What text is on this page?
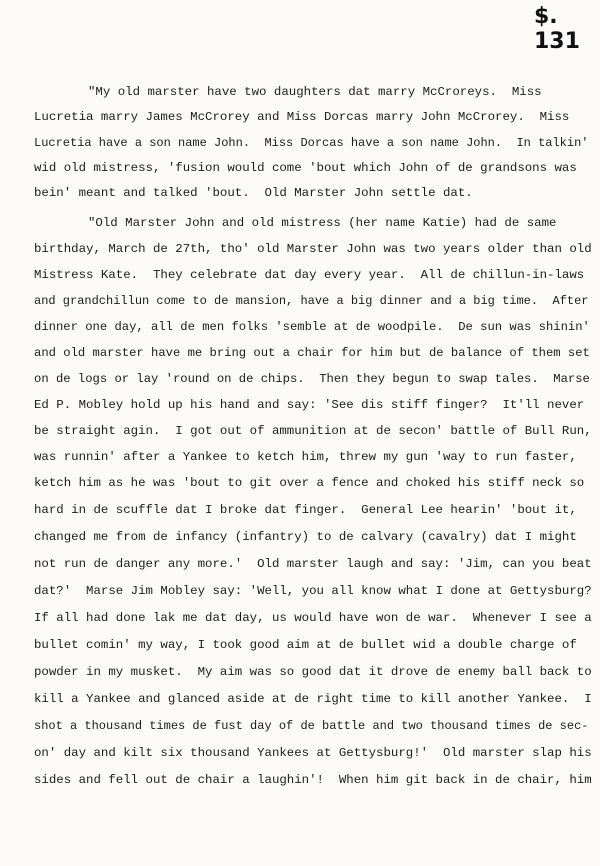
$. 131
"My old marster have two daughters dat marry McCroreys.  Miss
Lucretia marry James McCrorey and Miss Dorcas marry John McCrorey.  Miss
Lucretia have a son name John.  Miss Dorcas have a son name John.  In talkin'
wid old mistress, 'fusion would come 'bout which John of de grandsons was
bein' meant and talked 'bout.  Old Marster John settle dat.
"Old Marster John and old mistress (her name Katie) had de same
birthday, March de 27th, tho' old Marster John was two years older than old
Mistress Kate.  They celebrate dat day every year.  All de chillun-in-laws
and grandchillun come to de mansion, have a big dinner and a big time.  After
dinner one day, all de men folks 'semble at de woodpile.  De sun was shinin'
and old marster have me bring out a chair for him but de balance of them set
on de logs or lay 'round on de chips.  Then they begun to swap tales.  Marse
Ed P. Mobley hold up his hand and say: 'See dis stiff finger?  It'll never
be straight agin.  I got out of ammunition at de secon' battle of Bull Run,
was runnin' after a Yankee to ketch him, threw my gun 'way to run faster,
ketch him as he was 'bout to git over a fence and choked his stiff neck so
hard in de scuffle dat I broke dat finger.  General Lee hearin' 'bout it,
changed me from de infancy (infantry) to de calvary (cavalry) dat I might
not run de danger any more.'  Old marster laugh and say: 'Jim, can you beat
dat?'  Marse Jim Mobley say: 'Well, you all know what I done at Gettysburg?
If all had done lak me dat day, us would have won de war.  Whenever I see a
bullet comin' my way, I took good aim at de bullet wid a double charge of
powder in my musket.  My aim was so good dat it drove de enemy ball back to
kill a Yankee and glanced aside at de right time to kill another Yankee.  I
shot a thousand times de fust day of de battle and two thousand times de sec-
on' day and kilt six thousand Yankees at Gettysburg!'  Old marster slap his
sides and fell out de chair a laughin'!  When him git back in de chair, him
